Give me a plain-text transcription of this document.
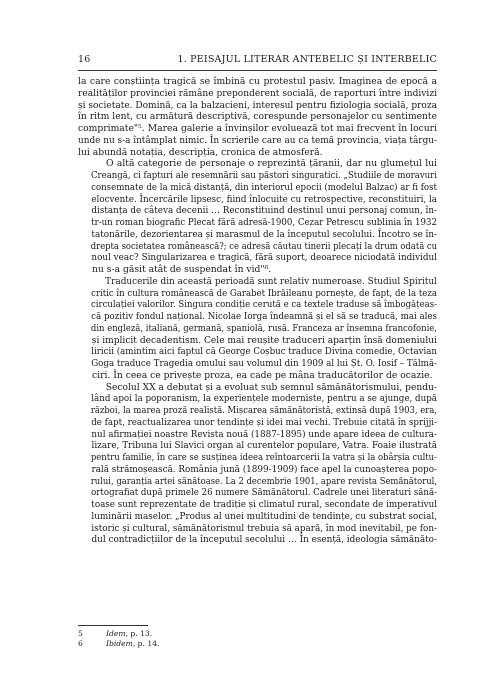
16	1. PEISAJUL LITERAR ANTEBELIC ȘI INTERBELIC
la care conștiința tragică se îmbină cu protestul pasiv. Imaginea de epocă a
realităților provinciei rămâne preponderent socială, de raporturi între indivizi
și societate. Domină, ca la balzacieni, interesul pentru fiziologia socială, proza
în ritm lent, cu armătură descriptivă, corespunde personajelor cu sentimente
comprimate"⁵. Marea galerie a învinșilor evoluează tot mai frecvent în locuri
unde nu s-a întâmplat nimic. În scrierile care au ca temă provincia, viața târgu-
lui abundă notația, descripția, cronica de atmosferă.
O altă categorie de personaje o reprezintă țăranii, dar nu glumețul lui
Creangă, ci fapturi ale resemnării sau păstori singuratici. „Studiile de moravuri
consemnate de la mică distanță, din interiorul epocii (modelul Balzac) ar fi fost
elocvente. Încercările lipsesc, fiind înlocuite cu retrospective, reconstituiri, la
distanța de câteva decenii … Reconstituind destinul unui personaj comun, în-
tr-un roman biografic Plecat fără adresă-1900, Cezar Petrescu sublinia în 1932
tatonările, dezorientarea și marasmul de la începutul secolului. Încotro se în-
drepta societatea românească?; ce adresă căutau tinerii plecați la drum odată cu
noul veac? Singularizarea e tragică, fără suport, deoarece niciodată individul
nu s-a găsit atât de suspendat în vid"⁶.
Traducerile din această perioadă sunt relativ numeroase. Studiul Spiritul
critic în cultura românească de Garabet Ibrăileanu pornește, de fapt, de la teza
circulației valorilor. Singura condiție cerută e ca textele traduse să îmbogățeas-
că pozitiv fondul național. Nicolae Iorga îndeamnă și el să se traducă, mai ales
din engleză, italiană, germană, spaniolă, rusă. Franceza ar însemna francofonie,
și implicit decadentism. Cele mai reușite traduceri aparțin însă domeniului
liricii (amintim aici faptul că George Coșbuc traduce Divina comedie, Octavian
Goga traduce Tragedia omului sau volumul din 1909 al lui Șt. O. Iosif – Tălmă-
ciri. În ceea ce privește proza, ea cade pe mâna traducătorilor de ocazie.
Secolul XX a debutat și a evoluat sub semnul sămănătorismului, pendu-
lând apoi la poporanism, la experiențele moderniste, pentru a se ajunge, după
război, la marea proză realistă. Mișcarea sămănătoristă, extinsă după 1903, era,
de fapt, reactualizarea unor tendințe și idei mai vechi. Trebuie citată în sprijji-
nul afirmației noastre Revista nouă (1887-1895) unde apare ideea de cultura-
lizare, Tribuna lui Slavici organ al curentelor populare, Vatra. Foaie ilustrată
pentru familie, în care se susținea ideea reîntoarcerii la vatra și la obârșia cultu-
rală strămoșească. România jună (1899-1909) face apel la cunoașterea popo-
rului, garanția artei sănătoase. La 2 decembrie 1901, apare revista Semănătorul,
ortografiat după primele 26 numere Sămănătorul. Cadrele unei literaturi sănă-
toase sunt reprezentate de tradiție și climatul rural, secondate de imperativul
luminării maselor. „Produs al unei multitudini de tendințe, cu substrat social,
istoric și cultural, sămănătorismul trebuia să apară, în mod inevitabil, pe fon-
dul contradicțiilor de la începutul secolului … În esență, ideologia sămănăto-
5	Idem, p. 13.
6	Ibidem, p. 14.
